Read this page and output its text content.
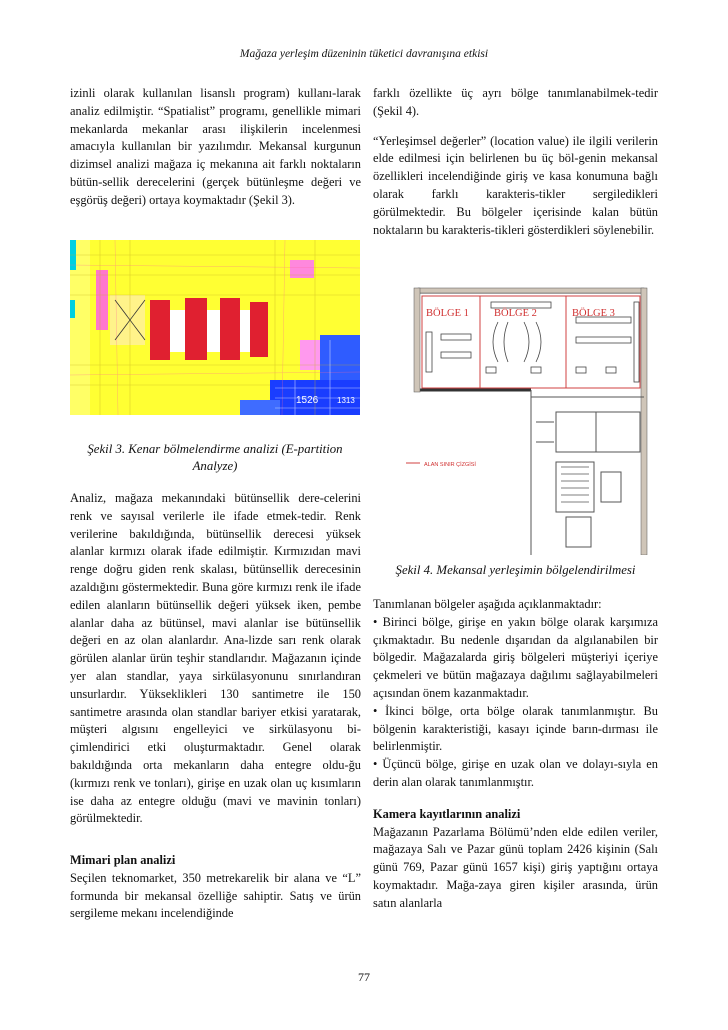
Mağaza yerleşim düzeninin tüketici davranışına etkisi

izinli olarak kullanılan lisanslı program) kullanı-larak analiz edilmiştir. “Spatialist” programı, genellikle mimari mekanlarda mekanlar arası ilişkilerin incelenmesi amacıyla kullanılan bir yazılımdır. Mekansal kurgunun dizimsel analizi mağaza iç mekanına ait farklı noktaların bütün-sellik derecelerini (gerçek bütünleşme değeri ve eşgörüş değeri) ortaya koymaktadır (Şekil 3).

1526 1313
Şekil 3. Kenar bölmelendirme analizi (E-partition Analyze)

Analiz, mağaza mekanındaki bütünsellik dere-celerini renk ve sayısal verilerle ile ifade etmek-tedir. Renk verilerine bakıldığında, bütünsellik derecesi yüksek alanlar kırmızı olarak ifade edilmiştir. Kırmızıdan mavi renge doğru giden renk skalası, bütünsellik derecesinin azaldığını göstermektedir. Buna göre kırmızı renk ile ifade edilen alanların bütünsellik değeri yüksek iken, pembe alanlar daha az bütünsel, mavi alanlar ise bütünsellik değeri en az olan alanlardır. Ana-lizde sarı renk olarak görülen alanlar ürün teşhir standlarıdır. Mağazanın içinde yer alan standlar, yaya sirkülasyonunu sınırlandıran unsurlardır. Yükseklikleri 130 santimetre ile 150 santimetre arasında olan standlar bariyer etkisi yaratarak, müşteri algısını engelleyici ve sirkülasyonu bi-çimlendirici etki oluşturmaktadır. Genel olarak bakıldığında orta mekanların daha entegre oldu-ğu (kırmızı renk ve tonları), girişe en uzak olan uç kısımların ise daha az entegre olduğu (mavi ve mavinin tonları) görülmektedir.

Mimari plan analizi

Seçilen teknomarket, 350 metrekarelik bir alana ve “L” formunda bir mekansal özelliğe sahiptir. Satış ve ürün sergileme mekanı incelendiğinde

farklı özellikte üç ayrı bölge tanımlanabilmek-tedir (Şekil 4).

“Yerleşimsel değerler” (location value) ile ilgili verilerin elde edilmesi için belirlenen bu üç böl-genin mekansal özellikleri incelendiğinde giriş ve kasa konumuna bağlı olarak farklı karakteris-tikler sergiledikleri görülmektedir. Bu bölgeler içerisinde kalan bütün noktaların bu karakteris-tikleri gösterdikleri söylenebilir.

BÖLGE 1 BÖLGE 2	BÖLGE 3
ALAN SINIR ÇİZGİSİ
Şekil 4. Mekansal yerleşimin bölgelendirilmesi

Tanımlanan bölgeler aşağıda açıklanmaktadır:

• Birinci bölge, girişe en yakın bölge olarak karşımıza çıkmaktadır. Bu nedenle dışarıdan da algılanabilen bir bölgedir. Mağazalarda giriş bölgeleri müşteriyi içeriye çekmeleri ve bütün mağazaya dağılımı sağlayabilmeleri açısından önem kazanmaktadır.

• İkinci bölge, orta bölge olarak tanımlanmıştır. Bu bölgenin karakteristiği, kasayı içinde barın-dırması ile belirlenmiştir.

• Üçüncü bölge, girişe en uzak olan ve dolayı-sıyla en derin alan olarak tanımlanmıştır.

Kamera kayıtlarının analizi

Mağazanın Pazarlama Bölümü’nden elde edilen veriler, mağazaya Salı ve Pazar günü toplam 2426 kişinin (Salı günü 769, Pazar günü 1657 kişi) giriş yaptığını ortaya koymaktadır. Mağa-zaya giren kişiler arasında, ürün satın alanlarla

77
